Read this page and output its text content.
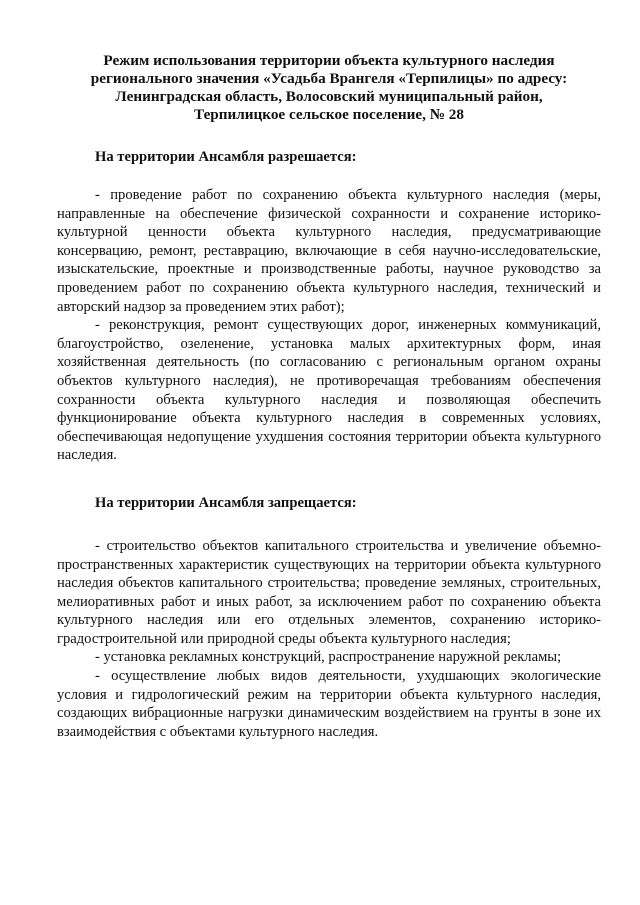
Режим использования территории объекта культурного наследия
регионального значения «Усадьба Врангеля «Терпилицы» по адресу:
Ленинградская область, Волосовский муниципальный район,
Терпилицкое сельское поселение, № 28
На территории Ансамбля разрешается:

- проведение работ по сохранению объекта культурного наследия (меры, направленные на обеспечение физической сохранности и сохранение историко-культурной ценности объекта культурного наследия, предусматривающие консервацию, ремонт, реставрацию, включающие в себя научно-исследовательские, изыскательские, проектные и производственные работы, научное руководство за проведением работ по сохранению объекта культурного наследия, технический и авторский надзор за проведением этих работ);

- реконструкция, ремонт существующих дорог, инженерных коммуникаций, благоустройство, озеленение, установка малых архитектурных форм, иная хозяйственная деятельность (по согласованию с региональным органом охраны объектов культурного наследия), не противоречащая требованиям обеспечения сохранности объекта культурного наследия и позволяющая обеспечить функционирование объекта культурного наследия в современных условиях, обеспечивающая недопущение ухудшения состояния территории объекта культурного наследия.

На территории Ансамбля запрещается:

- строительство объектов капитального строительства и увеличение объемно-пространственных характеристик существующих на территории объекта культурного наследия объектов капитального строительства; проведение земляных, строительных, мелиоративных работ и иных работ, за исключением работ по сохранению объекта культурного наследия или его отдельных элементов, сохранению историко-градостроительной или природной среды объекта культурного наследия;

- установка рекламных конструкций, распространение наружной рекламы;

- осуществление любых видов деятельности, ухудшающих экологические условия и гидрологический режим на территории объекта культурного наследия, создающих вибрационные нагрузки динамическим воздействием на грунты в зоне их взаимодействия с объектами культурного наследия.
